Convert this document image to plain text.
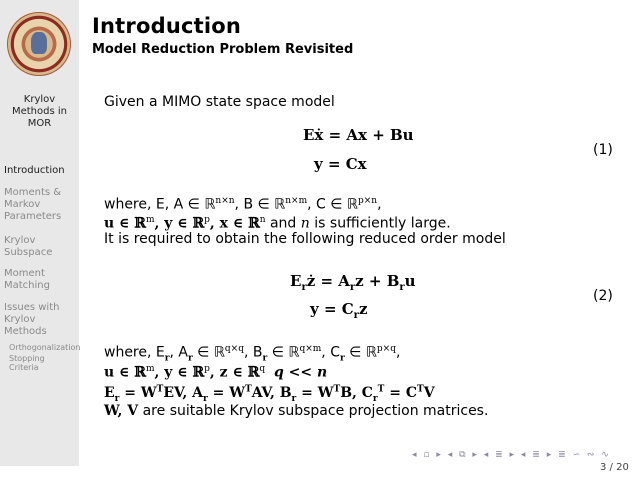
Krylov
Methods in
MOR
Introduction
Moments & Markov Parameters
Krylov Subspace
Moment Matching
Issues with Krylov Methods
Orthogonalization
Stopping Criteria
Introduction
Model Reduction Problem Revisited
Given a MIMO state space model
Eẋ = Ax + Bu
y = Cx
(1)
where, E, A ∈ ℝ$^{n\times n}$, B ∈ ℝ$^{n\times m}$, C ∈ ℝ$^{p\times n}$,
u ∈ ℝ$^m$, y ∈ ℝ$^p$, x ∈ ℝ$^n$ and n is sufficiently large.
It is required to obtain the following reduced order model
$E_rż = A_rz + B_ru$
$y = C_rz$
(2)
where, $E_r$, $A_r$ ∈ ℝ$^{q\times q}$, $B_r$ ∈ ℝ$^{q\times m}$, $C_r$ ∈ ℝ$^{p\times q}$,
u ∈ ℝ$^m$, y ∈ ℝ$^p$, z ∈ ℝ$^q$ q << n
$E_r = W^TEV$, $A_r = W^TAV$, $B_r = W^TB$, $C_r^T = C^TV$
W, V are suitable Krylov subspace projection matrices.
◂ ▫ ▸ ◂ ⧉ ▸ ◂ ≣ ▸ ◂ ≣ ▸ ≣ ∽ ∾ ∿
3 / 20
